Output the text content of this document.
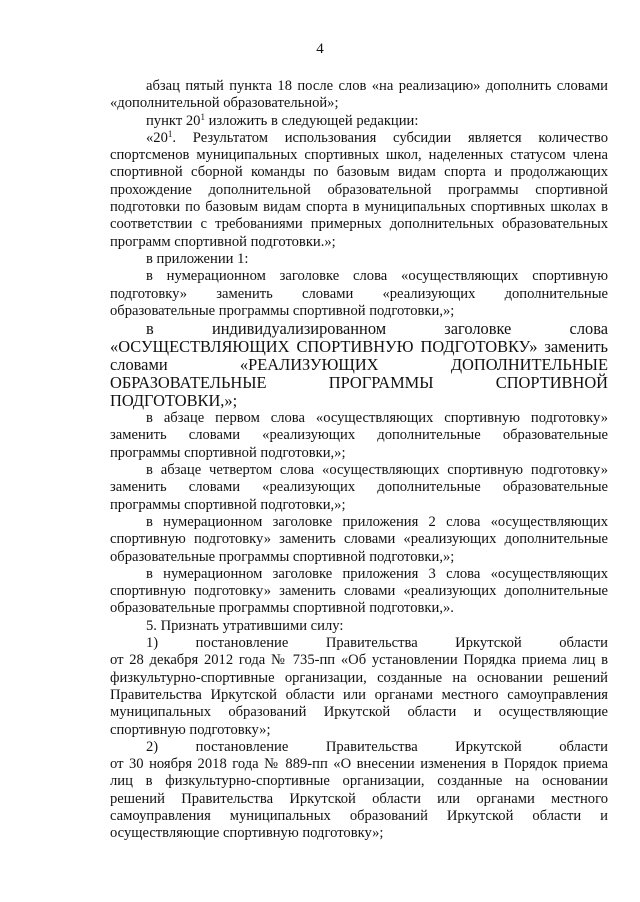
4

абзац пятый пункта 18 после слов «на реализацию» дополнить словами «дополнительной образовательной»;

пункт $20^1$ изложить в следующей редакции:

«$20^1$. Результатом использования субсидии является количество спортсменов муниципальных спортивных школ, наделенных статусом члена спортивной сборной команды по базовым видам спорта и продолжающих прохождение дополнительной образовательной программы спортивной подготовки по базовым видам спорта в муниципальных спортивных школах в соответствии с требованиями примерных дополнительных образовательных программ спортивной подготовки.»;

в приложении 1:

в нумерационном заголовке слова «осуществляющих спортивную подготовку» заменить словами «реализующих дополнительные образовательные программы спортивной подготовки,»;

в индивидуализированном заголовке слова «ОСУЩЕСТВЛЯЮЩИХ СПОРТИВНУЮ ПОДГОТОВКУ» заменить словами «РЕАЛИЗУЮЩИХ ДОПОЛНИТЕЛЬНЫЕ ОБРАЗОВАТЕЛЬНЫЕ ПРОГРАММЫ СПОРТИВНОЙ ПОДГОТОВКИ,»;

в абзаце первом слова «осуществляющих спортивную подготовку» заменить словами «реализующих дополнительные образовательные программы спортивной подготовки,»;

в абзаце четвертом слова «осуществляющих спортивную подготовку» заменить словами «реализующих дополнительные образовательные программы спортивной подготовки,»;

в нумерационном заголовке приложения 2 слова «осуществляющих спортивную подготовку» заменить словами «реализующих дополнительные образовательные программы спортивной подготовки,»;

в нумерационном заголовке приложения 3 слова «осуществляющих спортивную подготовку» заменить словами «реализующих дополнительные образовательные программы спортивной подготовки,».

5. Признать утратившими силу:

1)	постановление	Правительства	Иркутской	области

от 28 декабря 2012 года № 735-пп «Об установлении Порядка приема лиц в физкультурно-спортивные организации, созданные на основании решений Правительства Иркутской области или органами местного самоуправления муниципальных образований Иркутской области и осуществляющие спортивную подготовку»;

2)	постановление	Правительства	Иркутской	области

от 30 ноября 2018 года № 889-пп «О внесении изменения в Порядок приема лиц в физкультурно-спортивные организации, созданные на основании решений Правительства Иркутской области или органами местного самоуправления муниципальных образований Иркутской области и осуществляющие спортивную подготовку»;
